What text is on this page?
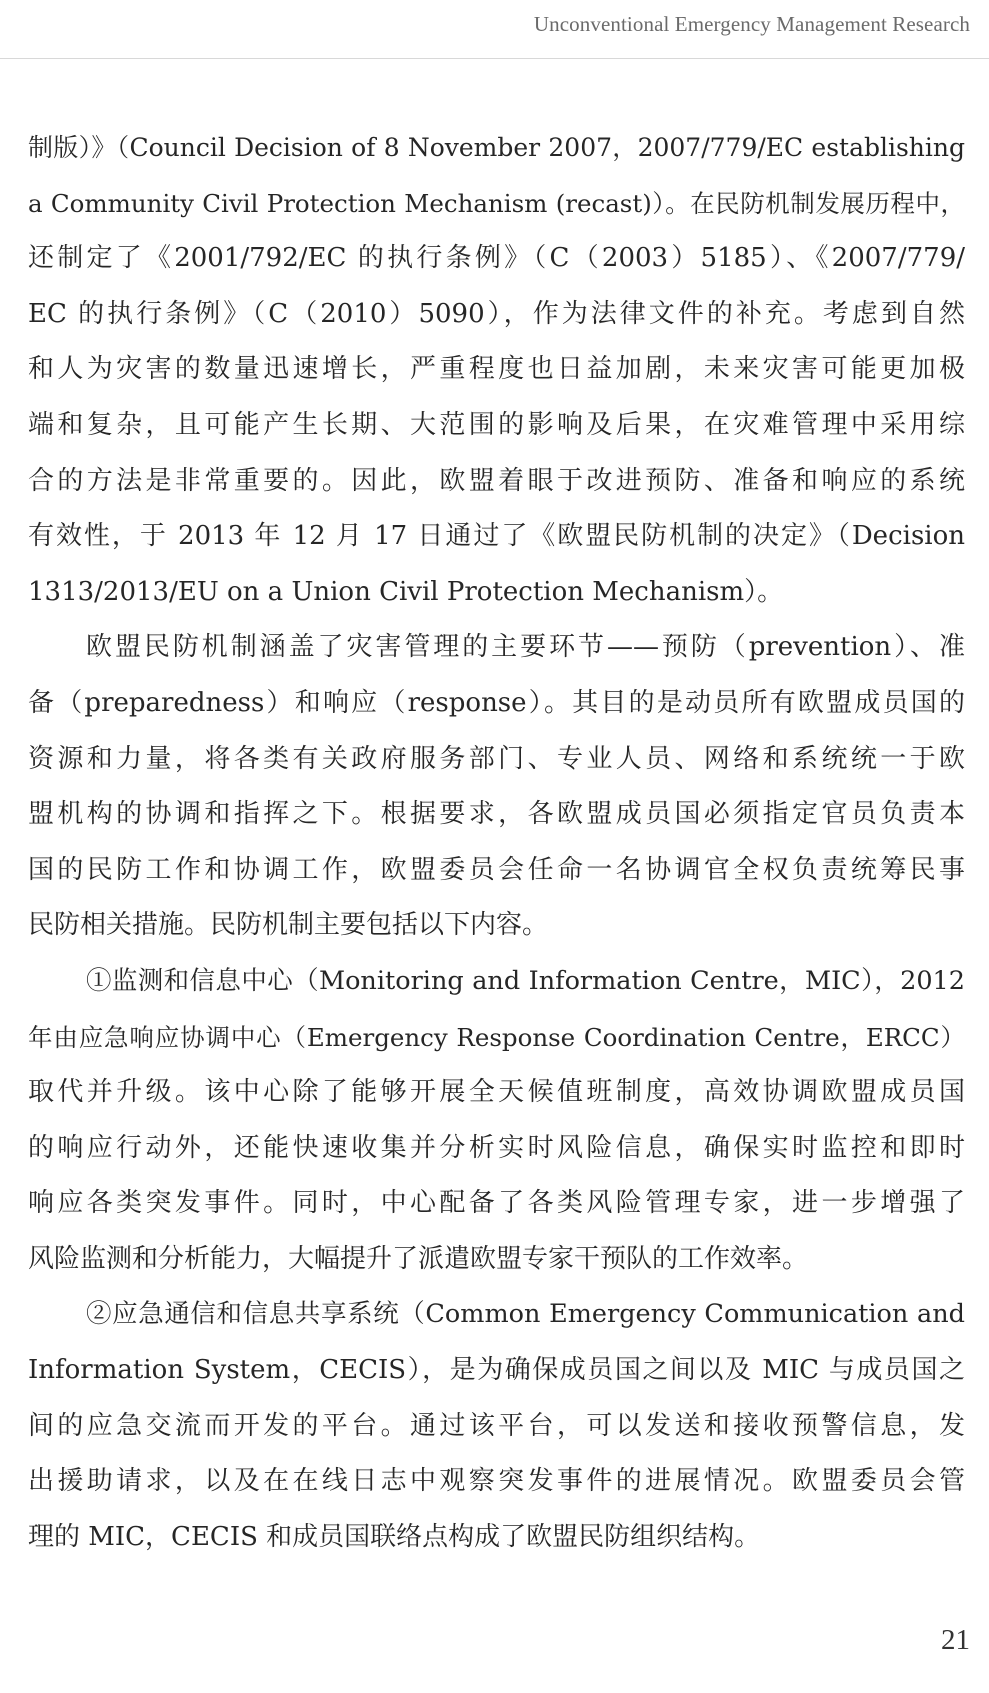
Unconventional Emergency Management Research
制版）》（Council Decision of 8 November 2007，2007/779/EC establishing
a Community Civil Protection Mechanism (recast)）。在民防机制发展历程中，
还制定了《2001/792/EC 的执行条例》（C（2003）5185）、《2007/779/
EC 的执行条例》（C（2010）5090），作为法律文件的补充。考虑到自然
和人为灾害的数量迅速增长，严重程度也日益加剧，未来灾害可能更加极
端和复杂，且可能产生长期、大范围的影响及后果，在灾难管理中采用综
合的方法是非常重要的。因此，欧盟着眼于改进预防、准备和响应的系统
有效性，于 2013 年 12 月 17 日通过了《欧盟民防机制的决定》（Decision
1313/2013/EU on a Union Civil Protection Mechanism）。
欧盟民防机制涵盖了灾害管理的主要环节——预防（prevention）、准
备（preparedness）和响应（response）。其目的是动员所有欧盟成员国的
资源和力量，将各类有关政府服务部门、专业人员、网络和系统统一于欧
盟机构的协调和指挥之下。根据要求，各欧盟成员国必须指定官员负责本
国的民防工作和协调工作，欧盟委员会任命一名协调官全权负责统筹民事
民防相关措施。民防机制主要包括以下内容。
①监测和信息中心（Monitoring and Information Centre，MIC），2012
年由应急响应协调中心（Emergency Response Coordination Centre，ERCC）
取代并升级。该中心除了能够开展全天候值班制度，高效协调欧盟成员国
的响应行动外，还能快速收集并分析实时风险信息，确保实时监控和即时
响应各类突发事件。同时，中心配备了各类风险管理专家，进一步增强了
风险监测和分析能力，大幅提升了派遣欧盟专家干预队的工作效率。
②应急通信和信息共享系统（Common Emergency Communication and
Information System，CECIS），是为确保成员国之间以及 MIC 与成员国之
间的应急交流而开发的平台。通过该平台，可以发送和接收预警信息，发
出援助请求，以及在在线日志中观察突发事件的进展情况。欧盟委员会管
理的 MIC，CECIS 和成员国联络点构成了欧盟民防组织结构。
21
